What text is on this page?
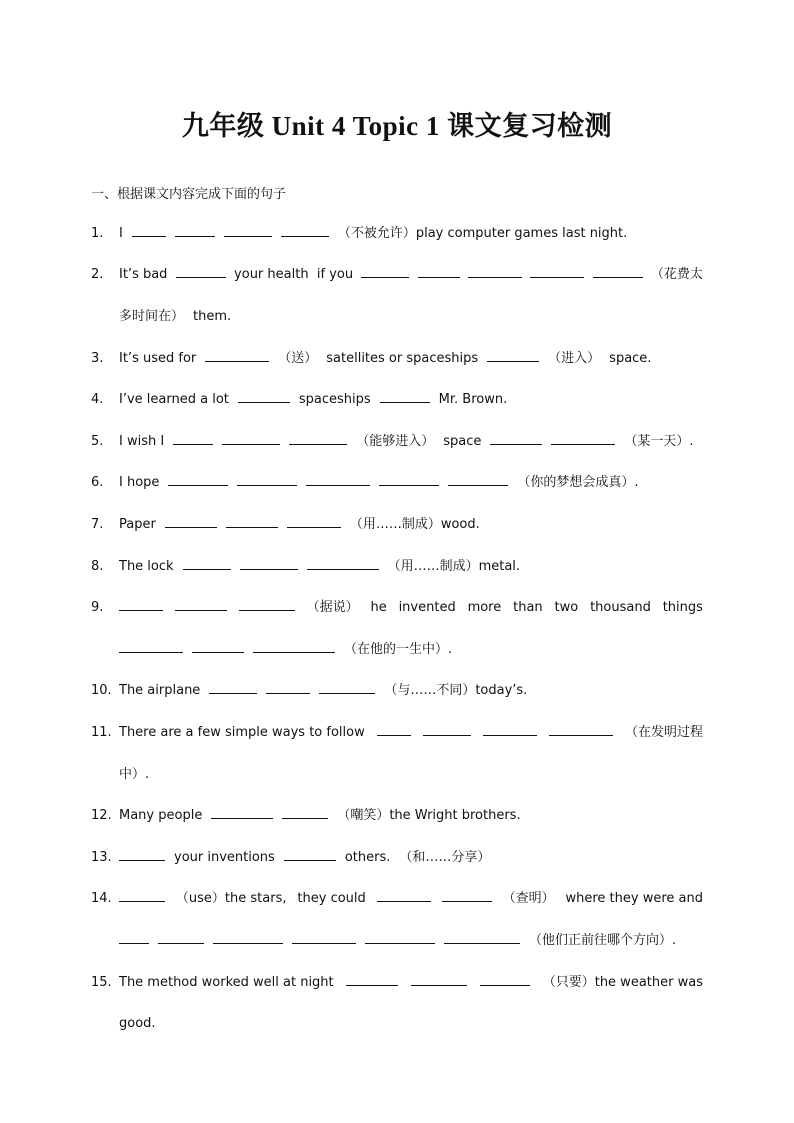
九年级 Unit 4 Topic 1 课文复习检测
一、根据课文内容完成下面的句子
1. I	（不被允许）play computer games last night.
2. It’s bad	your health if you	（花费太
多时间在） them.
3. It’s used for	（送） satellites or spaceships	（进入） space.
4. I’ve learned a lot	spaceships	Mr. Brown.
5. I wish I	（能够进入） space	（某一天）.
6. I hope	（你的梦想会成真）.
7. Paper	（用……制成）wood.
8. The lock	（用……制成）metal.
9.	（据说） he invented more than two thousand things
（在他的一生中）.
10. The airplane	（与……不同）today’s.
11. There are a few simple ways to follow	（在发明过程
中）.
12. Many people	（嘲笑）the Wright brothers.
13.	your inventions	others. （和……分享）
14.	（use）the stars, they could	（查明） where they were and
（他们正前往哪个方向）.
15. The method worked well at night	（只要）the weather was
good.
